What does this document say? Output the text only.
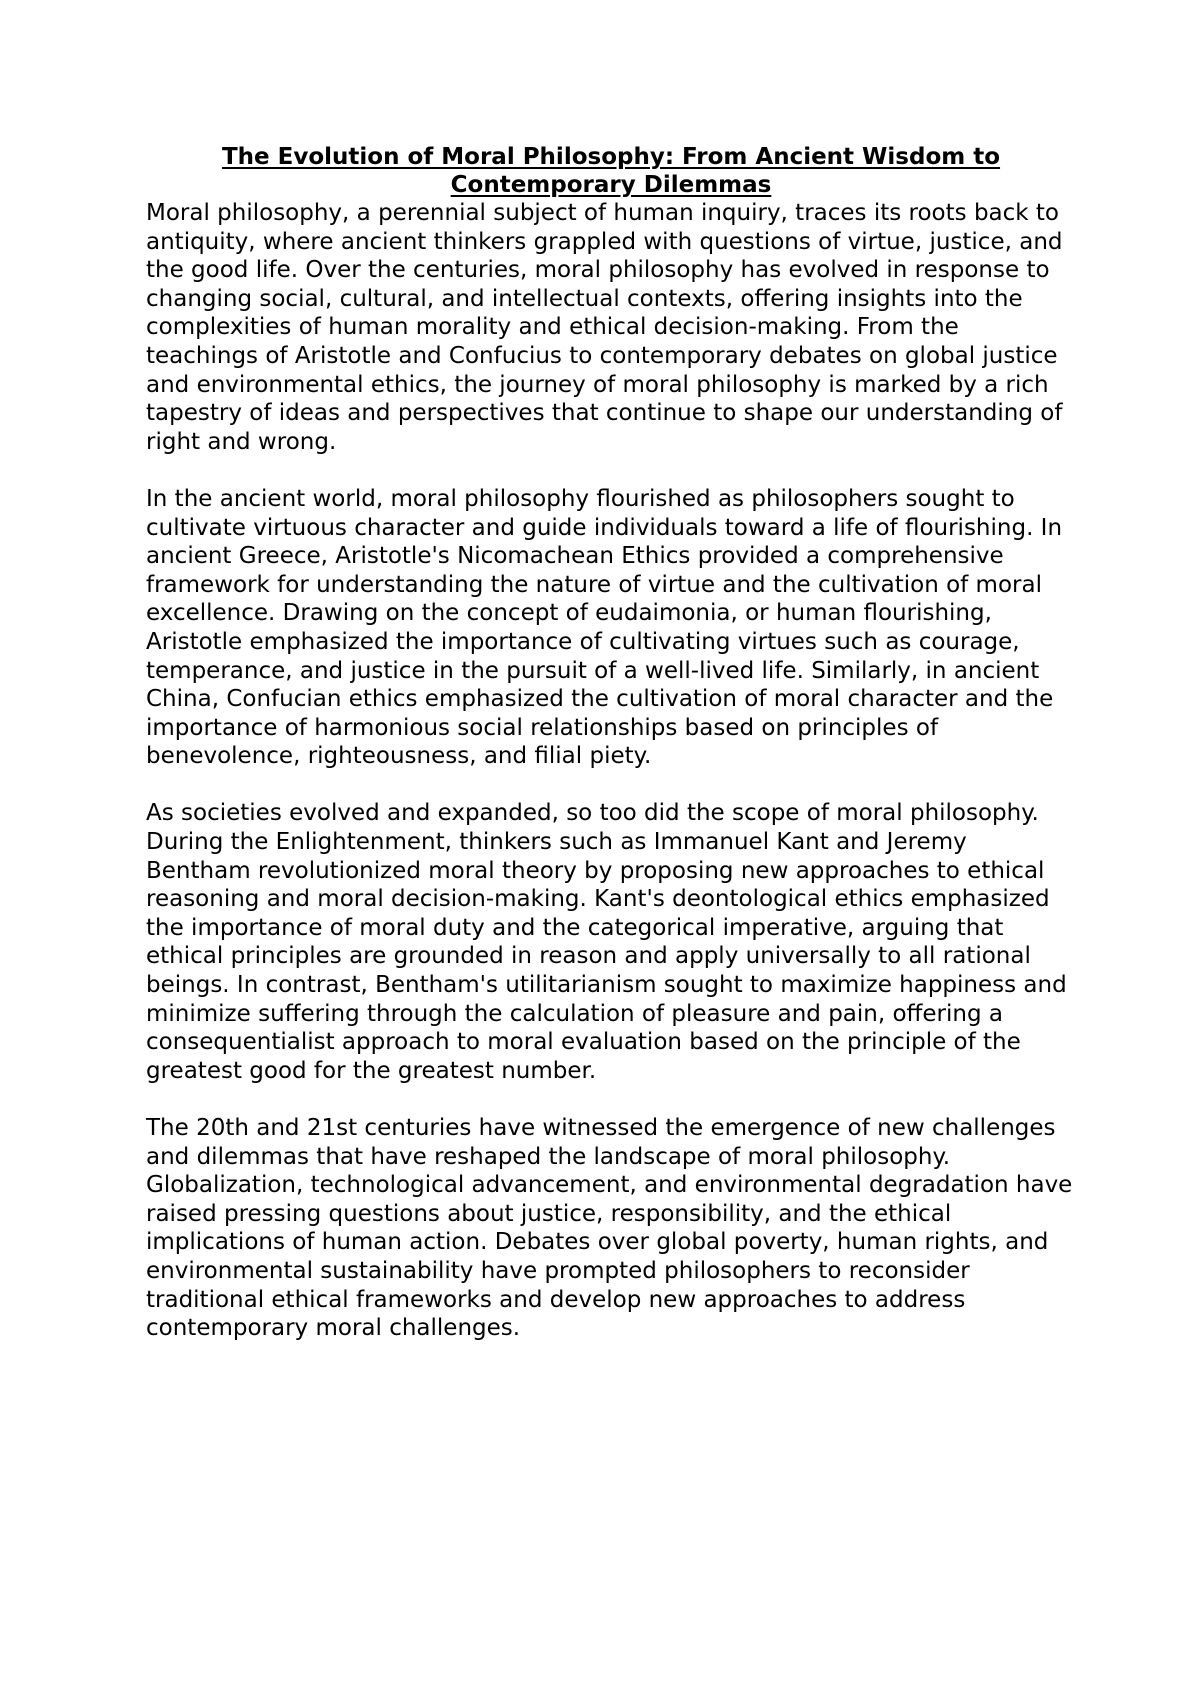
The Evolution of Moral Philosophy: From Ancient Wisdom to Contemporary Dilemmas

Moral philosophy, a perennial subject of human inquiry, traces its roots back to antiquity, where ancient thinkers grappled with questions of virtue, justice, and the good life. Over the centuries, moral philosophy has evolved in response to changing social, cultural, and intellectual contexts, offering insights into the complexities of human morality and ethical decision-making. From the teachings of Aristotle and Confucius to contemporary debates on global justice and environmental ethics, the journey of moral philosophy is marked by a rich tapestry of ideas and perspectives that continue to shape our understanding of right and wrong.

In the ancient world, moral philosophy flourished as philosophers sought to cultivate virtuous character and guide individuals toward a life of flourishing. In ancient Greece, Aristotle's Nicomachean Ethics provided a comprehensive framework for understanding the nature of virtue and the cultivation of moral excellence. Drawing on the concept of eudaimonia, or human flourishing, Aristotle emphasized the importance of cultivating virtues such as courage, temperance, and justice in the pursuit of a well-lived life. Similarly, in ancient China, Confucian ethics emphasized the cultivation of moral character and the importance of harmonious social relationships based on principles of benevolence, righteousness, and filial piety.

As societies evolved and expanded, so too did the scope of moral philosophy. During the Enlightenment, thinkers such as Immanuel Kant and Jeremy Bentham revolutionized moral theory by proposing new approaches to ethical reasoning and moral decision-making. Kant's deontological ethics emphasized the importance of moral duty and the categorical imperative, arguing that ethical principles are grounded in reason and apply universally to all rational beings. In contrast, Bentham's utilitarianism sought to maximize happiness and minimize suffering through the calculation of pleasure and pain, offering a consequentialist approach to moral evaluation based on the principle of the greatest good for the greatest number.

The 20th and 21st centuries have witnessed the emergence of new challenges and dilemmas that have reshaped the landscape of moral philosophy. Globalization, technological advancement, and environmental degradation have raised pressing questions about justice, responsibility, and the ethical implications of human action. Debates over global poverty, human rights, and environmental sustainability have prompted philosophers to reconsider traditional ethical frameworks and develop new approaches to address contemporary moral challenges.
